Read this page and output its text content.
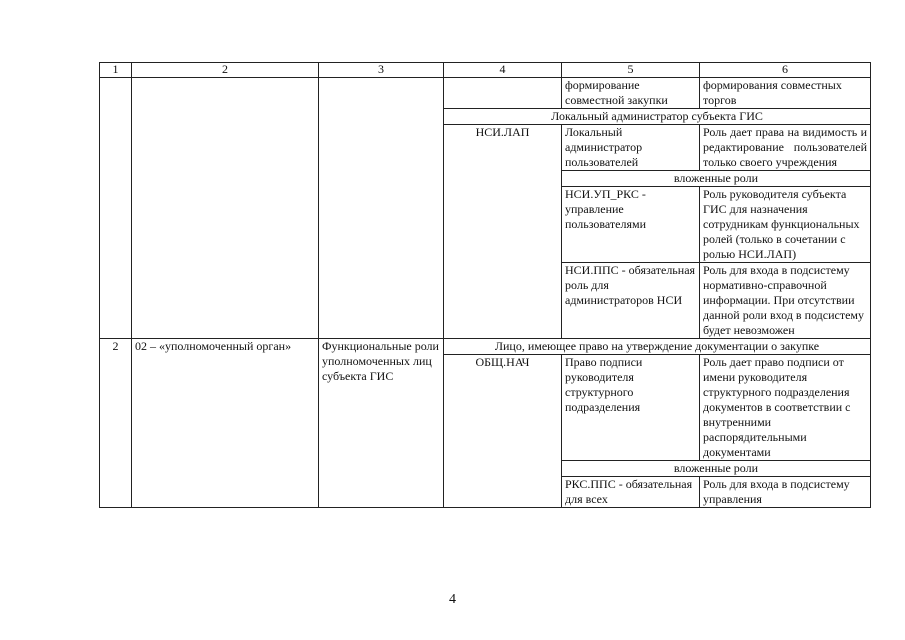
1	2	3	4	5	6
				формирование совместной закупки	формирования совместных торгов
			Локальный администратор субъекта ГИС		
			НСИ.ЛАП	Локальный администратор пользователей	Роль дает права на видимость и редактирование пользователей только своего учреждения
				вложенные роли	
				НСИ.УП_РКС - управление пользователями	Роль руководителя субъекта ГИС для назначения сотрудникам функциональных ролей (только в сочетании с ролью НСИ.ЛАП)
				НСИ.ППС - обязательная роль для администраторов НСИ	Роль для входа в подсистему нормативно-справочной информации. При отсутствии данной роли вход в подсистему будет невозможен
2	02 – «уполномоченный орган»	Функциональные роли уполномоченных лиц субъекта ГИС	Лицо, имеющее право на утверждение документации о закупке		
			ОБЩ.НАЧ	Право подписи руководителя структурного подразделения	Роль дает право подписи от имени руководителя структурного подразделения документов в соответствии с внутренними распорядительными документами
				вложенные роли	
				РКС.ППС - обязательная для всех	Роль для входа в подсистему управления
4
